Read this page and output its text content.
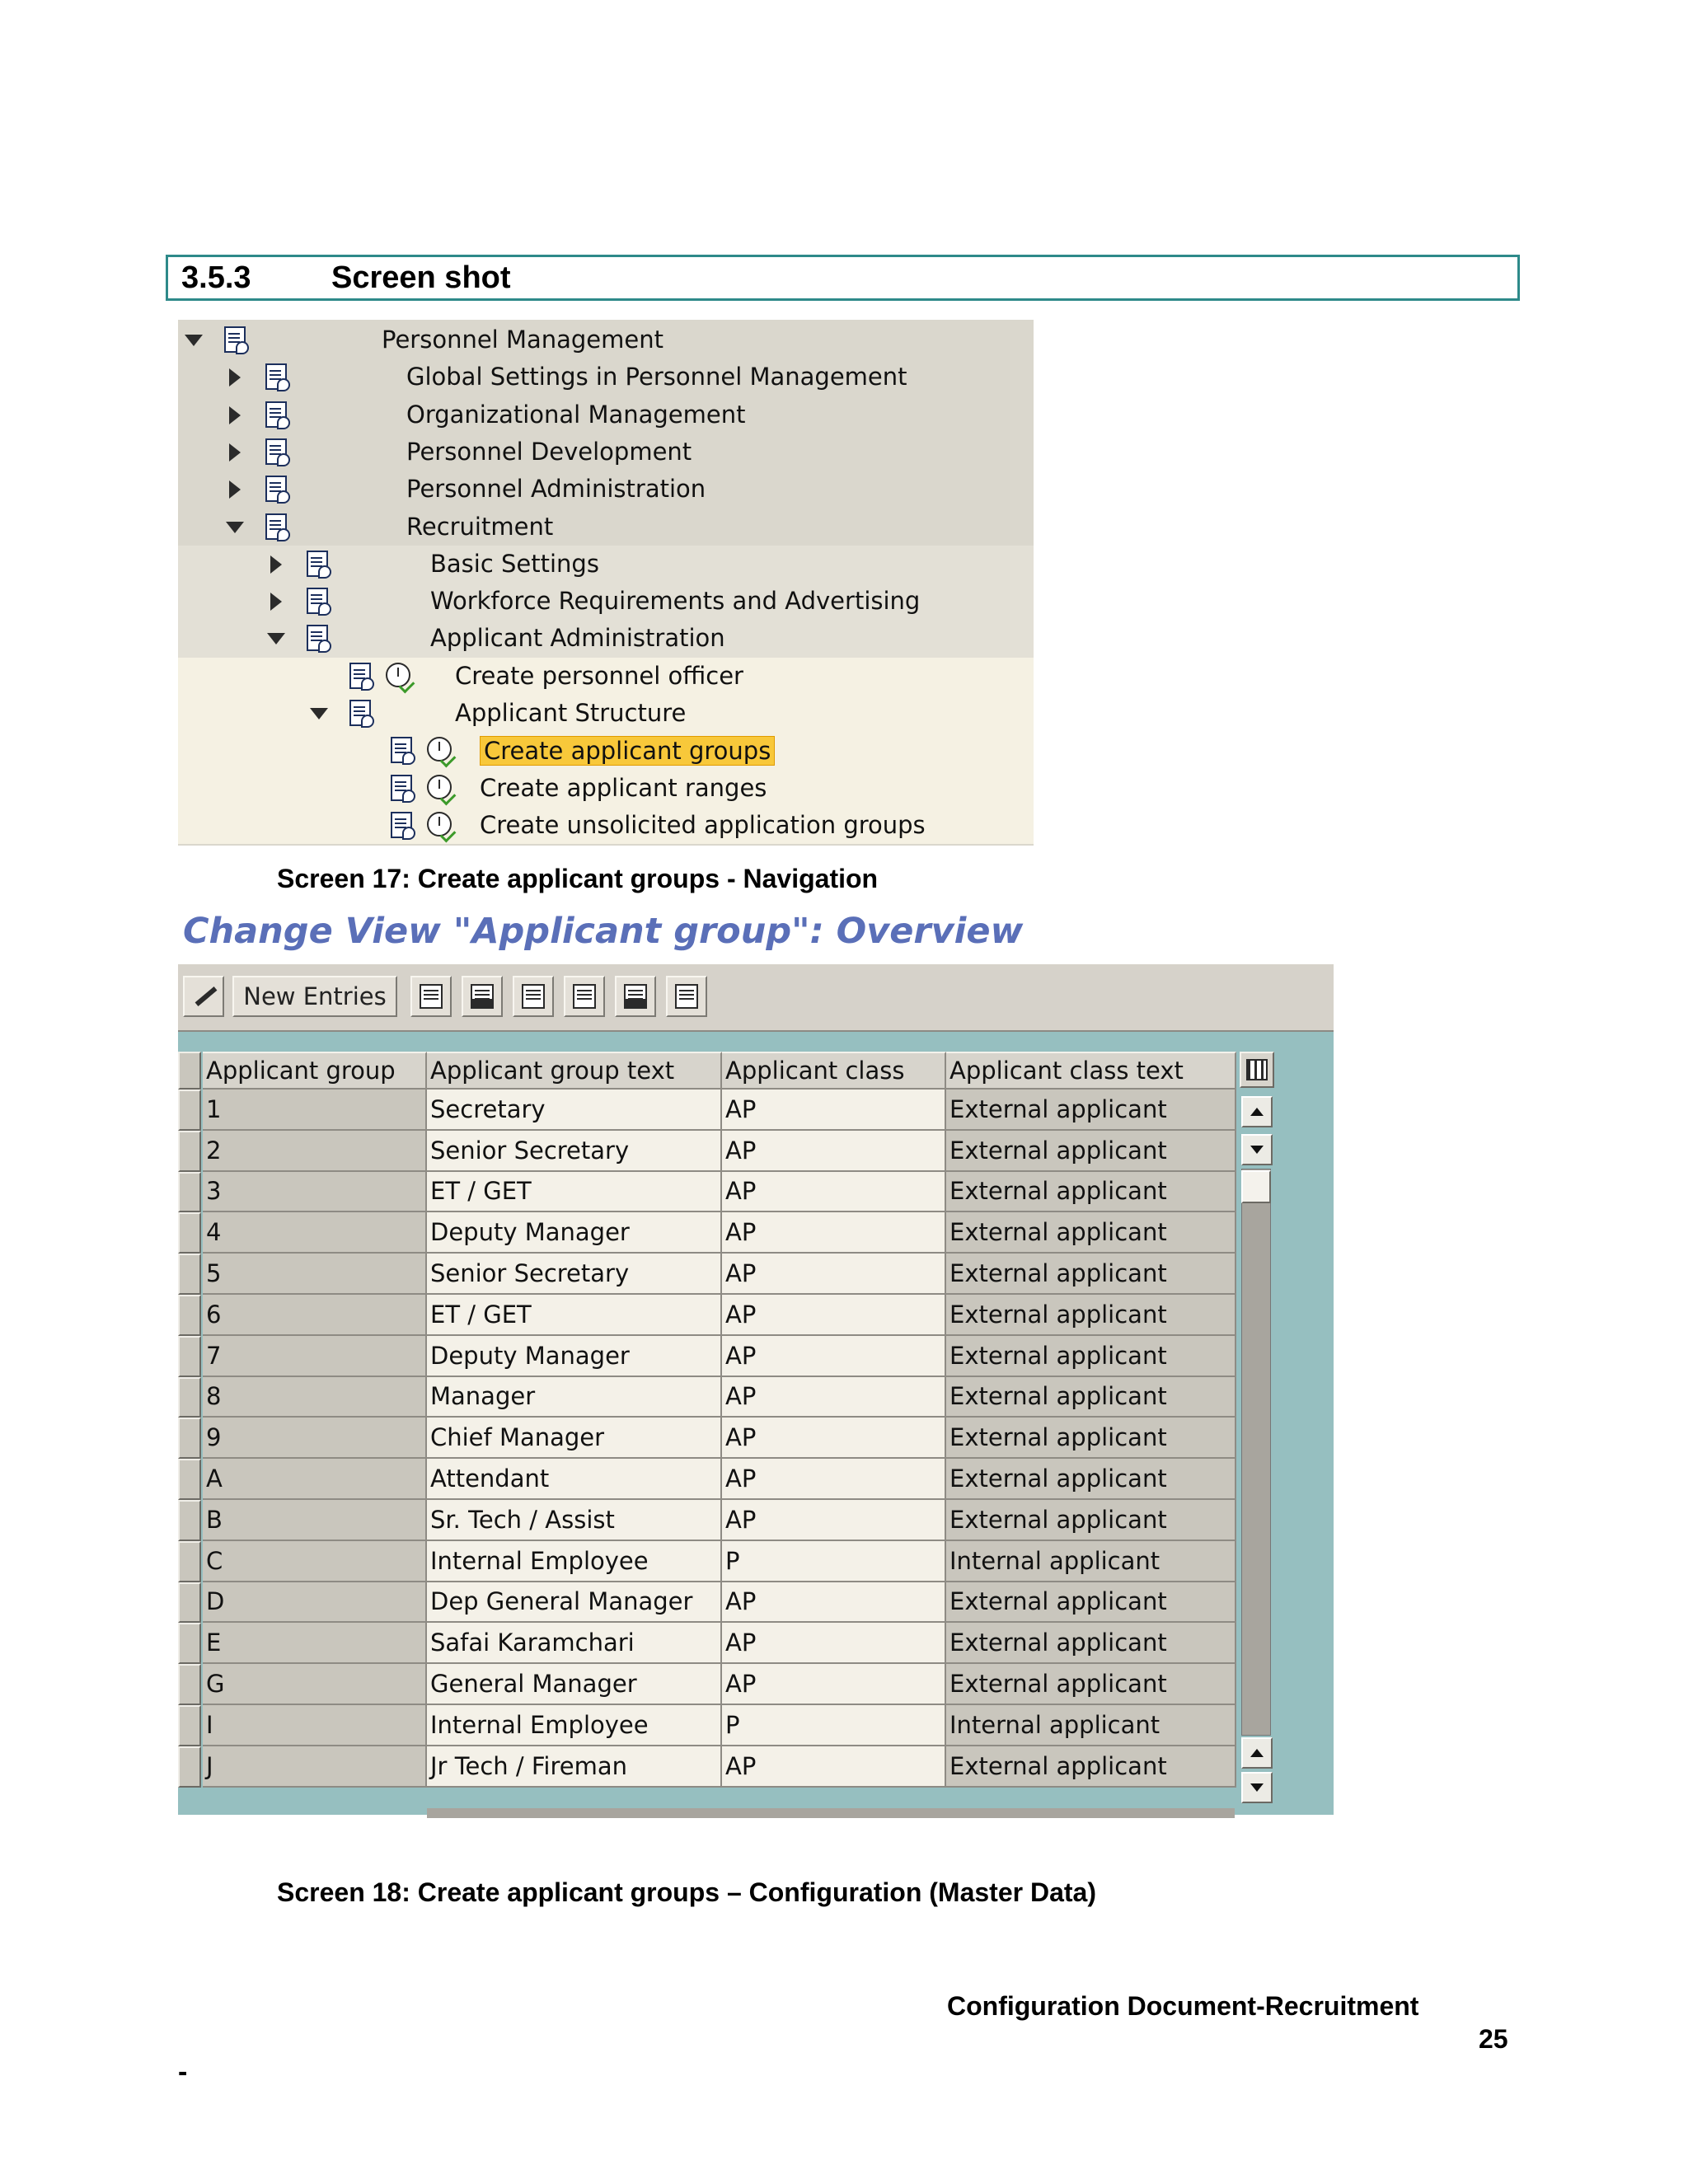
3.5.3	Screen shot
Personnel Management
Global Settings in Personnel Management
Organizational Management
Personnel Development
Personnel Administration
Recruitment
Basic Settings
Workforce Requirements and Advertising
Applicant Administration
Create personnel officer
Applicant Structure
Create applicant groups
Create applicant ranges
Create unsolicited application groups
Screen 17: Create applicant groups - Navigation
Change View "Applicant group": Overview
New Entries
Applicant group	Applicant group text	Applicant class	Applicant class text
1	Secretary	AP	External applicant
2	Senior Secretary	AP	External applicant
3	ET / GET	AP	External applicant
4	Deputy Manager	AP	External applicant
5	Senior Secretary	AP	External applicant
6	ET / GET	AP	External applicant
7	Deputy Manager	AP	External applicant
8	Manager	AP	External applicant
9	Chief Manager	AP	External applicant
A	Attendant	AP	External applicant
B	Sr. Tech / Assist	AP	External applicant
C	Internal Employee	P	Internal applicant
D	Dep General Manager	AP	External applicant
E	Safai Karamchari	AP	External applicant
G	General Manager	AP	External applicant
I	Internal Employee	P	Internal applicant
J	Jr Tech / Fireman	AP	External applicant
Screen 18: Create applicant groups – Configuration (Master Data)
Configuration Document-Recruitment
25
-
